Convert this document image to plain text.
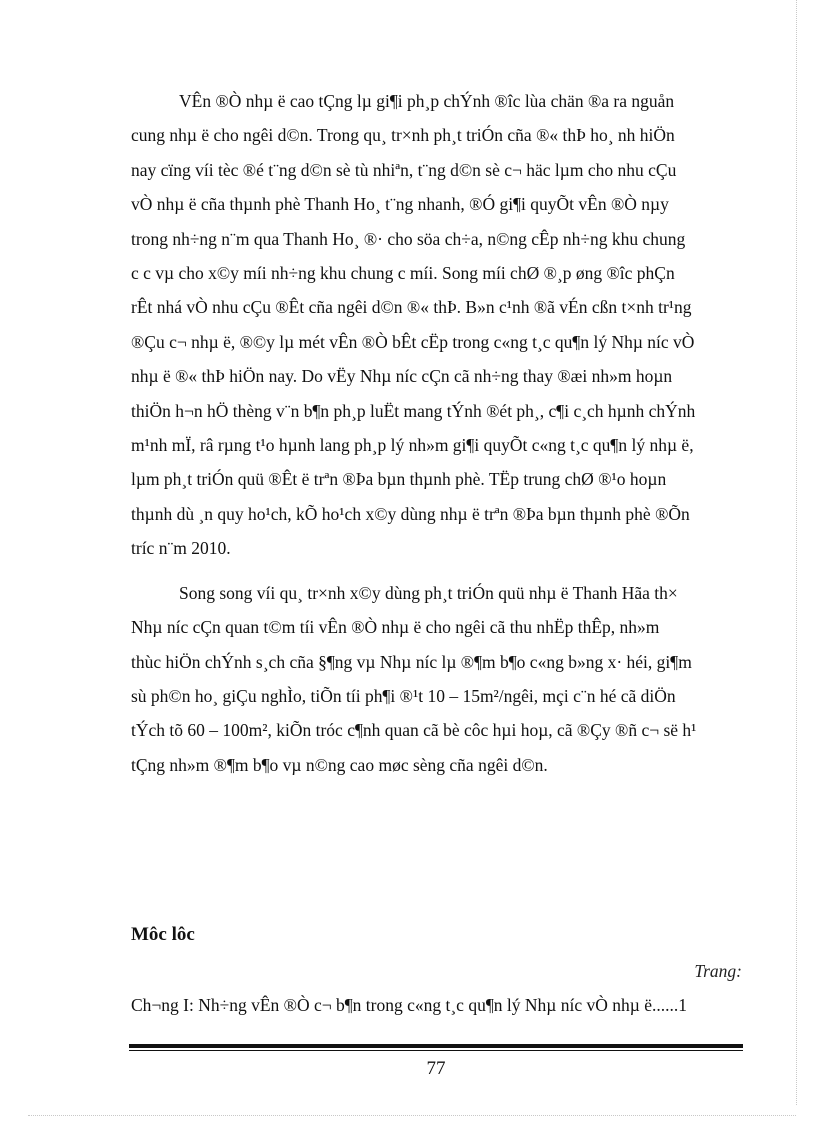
VÊn ®Ò nhµ ë cao tÇng lµ gi¶i ph¸p chÝnh ®îc lùa chän ®a ra nguån
cung nhµ ë cho ngêi d©n. Trong qu¸ tr×nh ph¸t triÓn cña ®« thÞ ho¸ nh hiÖn
nay cïng víi tèc ®é t¨ng d©n sè tù nhiªn, t¨ng d©n sè c¬ häc lµm cho nhu cÇu
vÒ nhµ ë cña thµnh phè Thanh Ho¸ t¨ng nhanh, ®Ó gi¶i quyÕt vÊn ®Ò nµy
trong nh÷ng n¨m qua Thanh Ho¸ ®· cho söa ch÷a, n©ng cÊp nh÷ng khu chung
c c vµ cho x©y míi nh÷ng khu chung c míi. Song míi chØ ®¸p øng ®îc phÇn
rÊt nhá vÒ nhu cÇu ®Êt cña ngêi d©n ®« thÞ. B»n c¹nh ®ã vÉn cßn t×nh tr¹ng
®Çu c¬ nhµ ë, ®©y lµ mét vÊn ®Ò bÊt cËp trong c«ng t¸c qu¶n lý Nhµ níc vÒ
nhµ ë ®« thÞ hiÖn nay. Do vËy Nhµ níc cÇn cã nh÷ng thay ®æi nh»m hoµn
thiÖn h¬n hÖ thèng v¨n b¶n ph¸p luËt mang tÝnh ®ét ph¸, c¶i c¸ch hµnh chÝnh
m¹nh mÏ, râ rµng t¹o hµnh lang ph¸p lý nh»m gi¶i quyÕt c«ng t¸c qu¶n lý nhµ ë,
lµm ph¸t triÓn quü ®Êt ë trªn ®Þa bµn thµnh phè. TËp trung chØ ®¹o hoµn
thµnh dù ¸n quy ho¹ch, kÕ ho¹ch x©y dùng nhµ ë trªn ®Þa bµn thµnh phè ®Õn
tríc n¨m 2010.

Song song víi qu¸ tr×nh x©y dùng ph¸t triÓn quü nhµ ë Thanh Hãa th×
Nhµ níc cÇn quan t©m tíi vÊn ®Ò nhµ ë cho ngêi cã thu nhËp thÊp, nh»m
thùc hiÖn chÝnh s¸ch cña §¶ng vµ Nhµ níc lµ ®¶m b¶o c«ng b»ng x· héi, gi¶m
sù ph©n ho¸ giÇu nghÌo, tiÕn tíi ph¶i ®¹t 10 – 15m²/ngêi, mçi c¨n hé cã diÖn
tÝch tõ 60 – 100m², kiÕn tróc c¶nh quan cã bè côc hµi hoµ, cã ®Çy ®ñ c¬ së h¹
tÇng nh»m ®¶m b¶o vµ n©ng cao møc sèng cña ngêi d©n.

Môc lôc
Trang:
Ch¬ng I: Nh÷ng vÊn ®Ò c¬ b¶n trong c«ng t¸c qu¶n lý Nhµ níc vÒ nhµ ë......1
77
